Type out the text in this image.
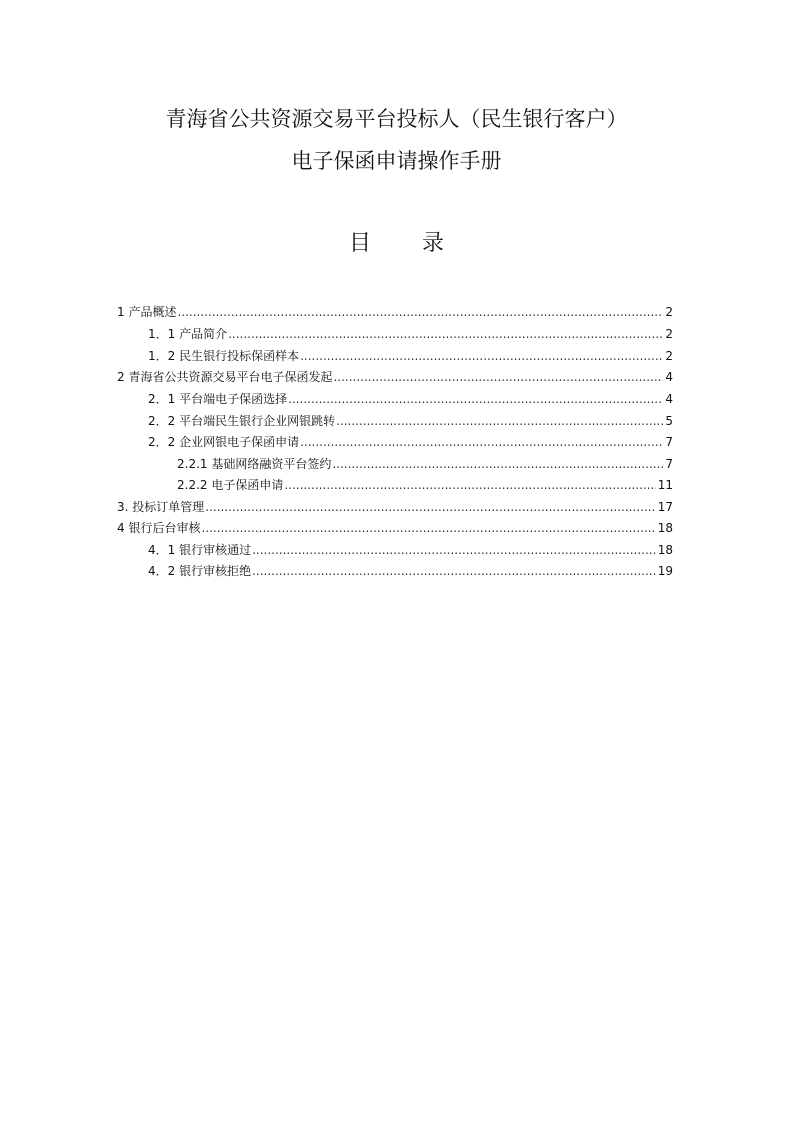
青海省公共资源交易平台投标人（民生银行客户）
电子保函申请操作手册
目 录
1 产品概述 .....	2
1．1 产品简介 .....	2
1．2 民生银行投标保函样本 .....	2
2 青海省公共资源交易平台电子保函发起 .....	4
2．1 平台端电子保函选择 .....	4
2．2 平台端民生银行企业网银跳转 .....	5
2．2 企业网银电子保函申请 .....	7
2.2.1 基础网络融资平台签约 .....	7
2.2.2 电子保函申请 .....	11
3. 投标订单管理 .....	17
4 银行后台审核 .....	18
4．1 银行审核通过 .....	18
4．2 银行审核拒绝 .....	19
